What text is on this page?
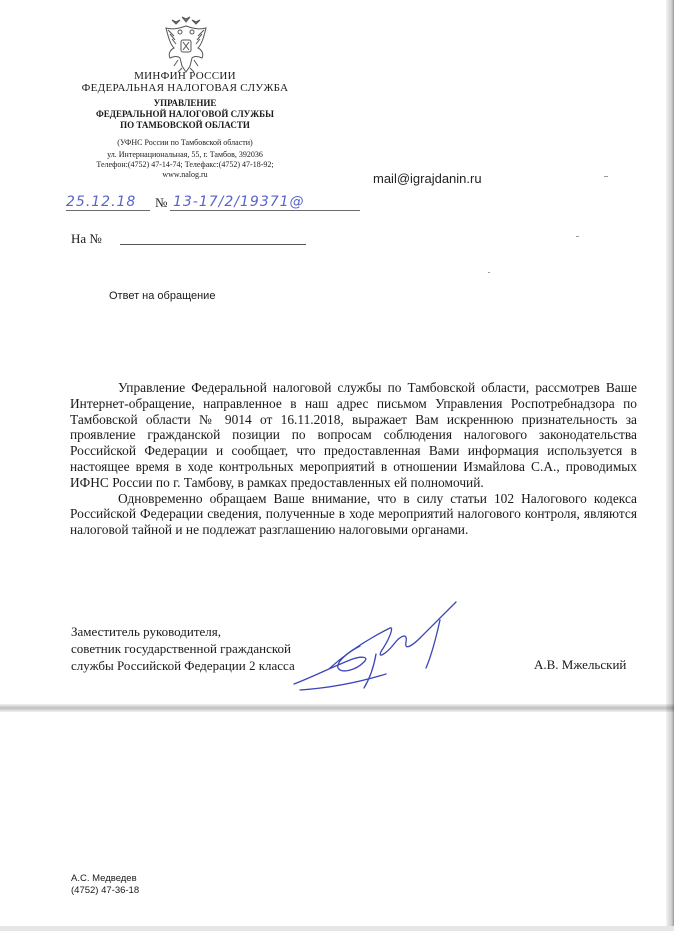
МИНФИН РОССИИ
ФЕДЕРАЛЬНАЯ НАЛОГОВАЯ СЛУЖБА
УПРАВЛЕНИЕ
ФЕДЕРАЛЬНОЙ НАЛОГОВОЙ СЛУЖБЫ
ПО ТАМБОВСКОЙ ОБЛАСТИ
(УФНС России по Тамбовской области)
ул. Интернациональная, 55, г. Тамбов, 392036
Телефон:(4752) 47-14-74; Телефакс:(4752) 47-18-92;
www.nalog.ru	mail@igrajdanin.ru
25.12.18 № 13-17/2/19371@
На №
Ответ на обращение

Управление Федеральной налоговой службы по Тамбовской области, рассмотрев Ваше Интернет-обращение, направленное в наш адрес письмом Управления Роспотребнадзора по Тамбовской области № 9014 от 16.11.2018, выражает Вам искреннюю признательность за проявление гражданской позиции по вопросам соблюдения налогового законодательства Российской Федерации и сообщает, что предоставленная Вами информация используется в настоящее время в ходе контрольных мероприятий в отношении Измайлова С.А., проводимых ИФНС России по г. Тамбову, в рамках предоставленных ей полномочий.

Одновременно обращаем Ваше внимание, что в силу статьи 102 Налогового кодекса Российской Федерации сведения, полученные в ходе мероприятий налогового контроля, являются налоговой тайной и не подлежат разглашению налоговыми органами.

Заместитель руководителя,
советник государственной гражданской
службы Российской Федерации 2 класса	А.В. Мжельский
А.С. Медведев
(4752) 47-36-18
